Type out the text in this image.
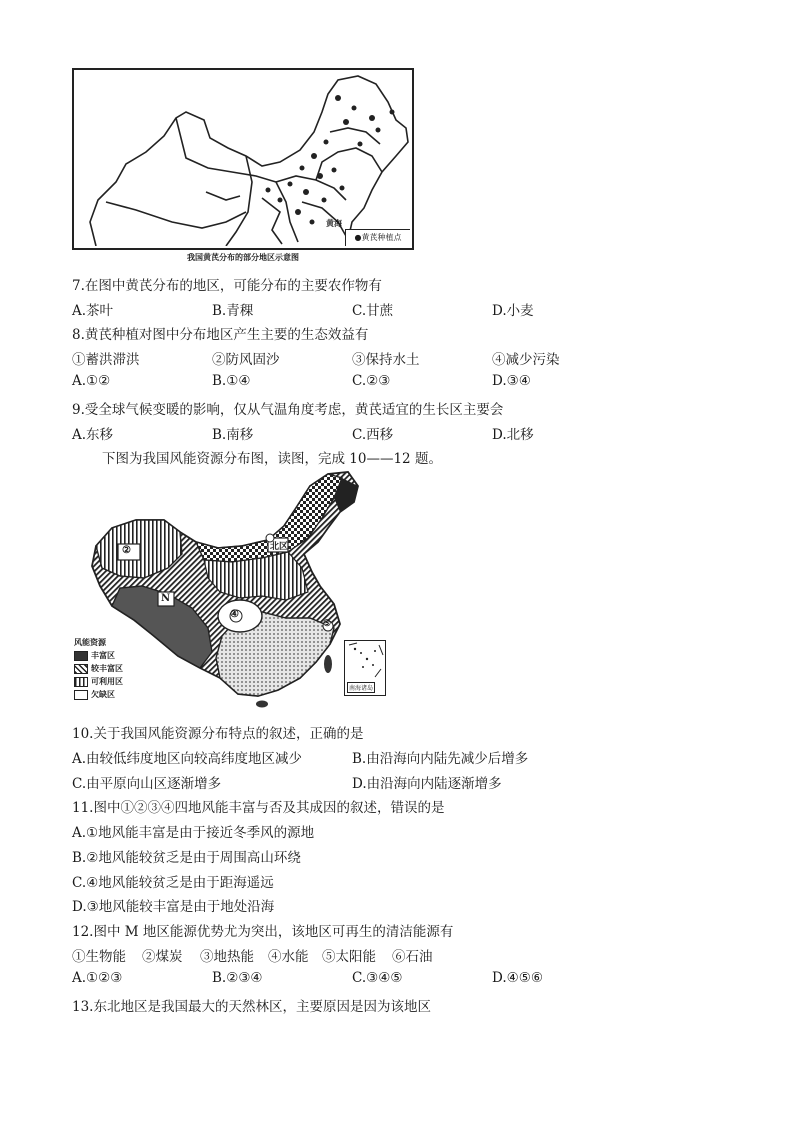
黄海
●黄芪种植点
我国黄芪分布的部分地区示意图
7.在图中黄芪分布的地区，可能分布的主要农作物有
A.茶叶	B.青稞	C.甘蔗	D.小麦
8.黄芪种植对图中分布地区产生主要的生态效益有
①蓄洪滞洪	②防风固沙	③保持水土	④减少污染
A.①②	B.①④	C.②③	D.③④
9.受全球气候变暖的影响，仅从气温角度考虑，黄芪适宜的生长区主要会
A.东移	B.南移	C.西移	D.北移
下图为我国风能资源分布图，读图，完成 10——12 题。
10.关于我国风能资源分布特点的叙述，正确的是
A.由较低纬度地区向较高纬度地区减少	B.由沿海向内陆先减少后增多
C.由平原向山区逐渐增多	D.由沿海向内陆逐渐增多
11.图中①②③④四地风能丰富与否及其成因的叙述，错误的是
A.①地风能丰富是由于接近冬季风的源地
B.②地风能较贫乏是由于周围高山环绕
C.④地风能较贫乏是由于距海遥远
D.③地风能较丰富是由于地处沿海
12.图中 M 地区能源优势尤为突出，该地区可再生的清洁能源有
①生物能 ②煤炭 ③地热能 ④水能 ⑤太阳能 ⑥石油
A.①②③	B.②③④	C.③④⑤	D.④⑤⑥
13.东北地区是我国最大的天然林区，主要原因是因为该地区
②
N
④
⑤
北区
风能资源
丰富区
较丰富区
可利用区
欠缺区
南海诸岛
